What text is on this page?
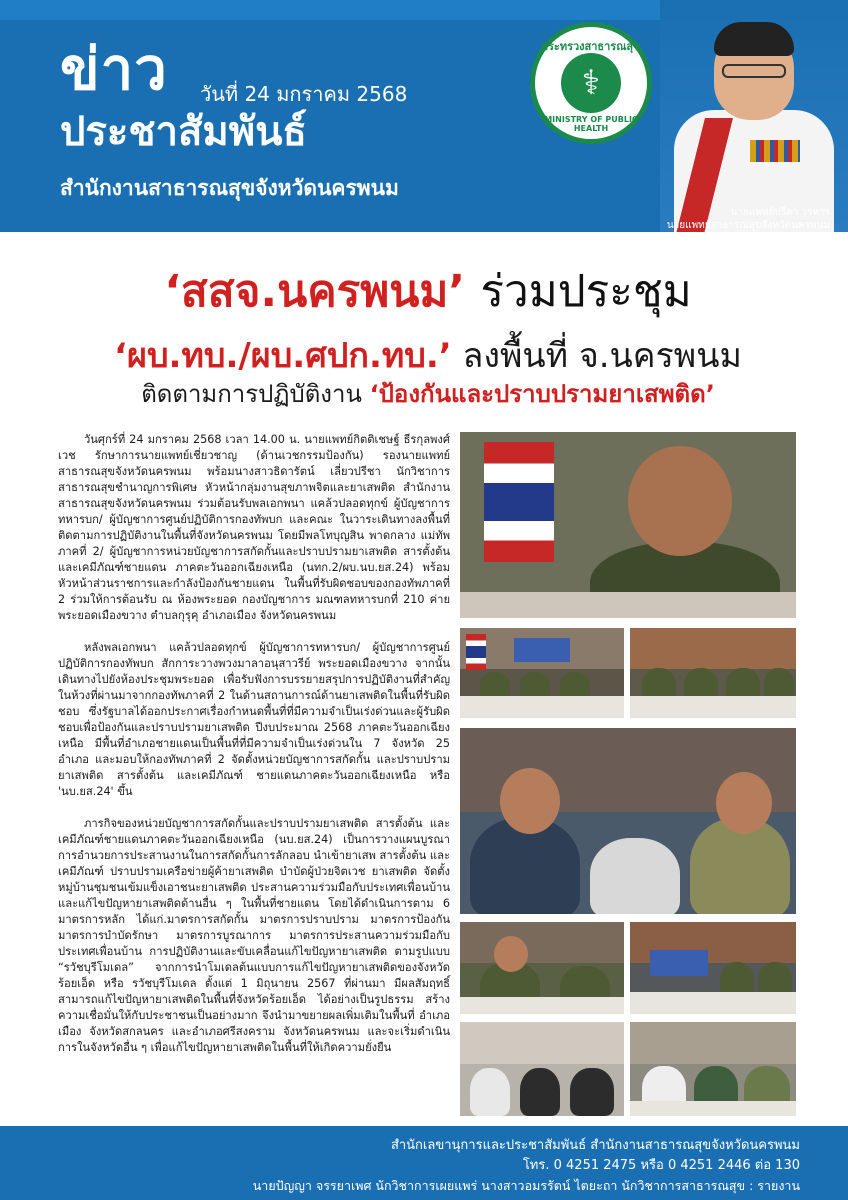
ข่าว วันที่ 24 มกราคม 2568
ประชาสัมพันธ์
สำนักงานสาธารณสุขจังหวัดนครพนม
กระทรวงสาธารณสุข
⚕
MINISTRY OF PUBLIC HEALTH
นายแพทย์ปรีดา วรหาร
นายแพทย์สาธารณสุขจังหวัดนครพนม
‘สสจ.นครพนม’ ร่วมประชุม
‘ผบ.ทบ./ผบ.ศปก.ทบ.’ ลงพื้นที่ จ.นครพนม
ติดตามการปฏิบัติงาน ‘ป้องกันและปราบปรามยาเสพติด’

วันศุกร์ที่ 24 มกราคม 2568 เวลา 14.00 น. นายแพทย์กิตติเชษฐ์ ธีรกุลพงศ์เวช รักษาการนายแพทย์เชี่ยวชาญ (ด้านเวชกรรมป้องกัน) รองนายแพทย์สาธารณสุขจังหวัดนครพนม พร้อมนางสาวธิดารัตน์ เลี่ยวปรีชา นักวิชาการสาธารณสุขชำนาญการพิเศษ หัวหน้ากลุ่มงานสุขภาพจิตและยาเสพติด สำนักงานสาธารณสุขจังหวัดนครพนม ร่วมต้อนรับพลเอกพนา แคล้วปลอดทุกข์ ผู้บัญชาการทหารบก/ ผู้บัญชาการศูนย์ปฏิบัติการกองทัพบก และคณะ ในวาระเดินทางลงพื้นที่ติดตามการปฏิบัติงานในพื้นที่จังหวัดนครพนม โดยมีพลโทบุญสิน พาดกลาง แม่ทัพภาคที่ 2/ ผู้บัญชาการหน่วยบัญชาการสกัดกั้นและปราบปรามยาเสพติด สารตั้งต้น และเคมีภัณฑ์ชายแดน ภาคตะวันออกเฉียงเหนือ (นทก.2/ผบ.นบ.ยส.24) พร้อมหัวหน้าส่วนราชการและกำลังป้องกันชายแดน ในพื้นที่รับผิดชอบของกองทัพภาคที่ 2 ร่วมให้การต้อนรับ ณ ห้องพระยอด กองบัญชาการ มณฑลทหารบกที่ 210 ค่ายพระยอดเมืองขวาง ตำบลกุรุคุ อำเภอเมือง จังหวัดนครพนม

หลังพลเอกพนา แคล้วปลอดทุกข์ ผู้บัญชาการทหารบก/ ผู้บัญชาการศูนย์ปฏิบัติการกองทัพบก สักการะวางพวงมาลาอนุสาวรีย์ พระยอดเมืองขวาง จากนั้นเดินทางไปยังห้องประชุมพระยอด เพื่อรับฟังการบรรยายสรุปการปฏิบัติงานที่สำคัญในห้วงที่ผ่านมาจากกองทัพภาคที่ 2 ในด้านสถานการณ์ด้านยาเสพติดในพื้นที่รับผิดชอบ ซึ่งรัฐบาลได้ออกประกาศเรื่องกำหนดพื้นที่ที่มีความจำเป็นเร่งด่วนและผู้รับผิดชอบเพื่อป้องกันและปราบปรามยาเสพติด ปีงบประมาณ 2568 ภาคตะวันออกเฉียงเหนือ มีพื้นที่อำเภอชายแดนเป็นพื้นที่ที่มีความจำเป็นเร่งด่วนใน 7 จังหวัด 25 อำเภอ และมอบให้กองทัพภาคที่ 2 จัดตั้งหน่วยบัญชาการสกัดกั้น และปราบปรามยาเสพติด สารตั้งต้น และเคมีภัณฑ์ ชายแดนภาคตะวันออกเฉียงเหนือ หรือ 'นบ.ยส.24' ขึ้น

ภารกิจของหน่วยบัญชาการสกัดกั้นและปราบปรามยาเสพติด สารตั้งต้น และเคมีภัณฑ์ชายแดนภาคตะวันออกเฉียงเหนือ (นบ.ยส.24) เป็นการวางแผนบูรณาการอำนวยการประสานงานในการสกัดกั้นการลักลอบ นำเข้ายาเสพ สารตั้งต้น และเคมีภัณฑ์ ปราบปรามเครือข่ายผู้ค้ายาเสพติด บำบัดผู้ป่วยจิตเวช ยาเสพติด จัดตั้งหมู่บ้านชุมชนเข้มแข็งเอาชนะยาเสพติด ประสานความร่วมมือกับประเทศเพื่อนบ้าน และแก้ไขปัญหายาเสพติดด้านอื่น ๆ ในพื้นที่ชายแดน โดยได้ดำเนินการตาม 6 มาตรการหลัก ได้แก่.มาตรการสกัดกั้น มาตรการปราบปราม มาตรการป้องกัน มาตรการบำบัดรักษา มาตรการบูรณาการ มาตรการประสานความร่วมมือกับประเทศเพื่อนบ้าน การปฏิบัติงานและขับเคลื่อนแก้ไขปัญหายาเสพติด ตามรูปแบบ “รวัชบุรีโมเดล” จากการนำโมเดลต้นแบบการแก้ไขปัญหายาเสพติดของจังหวัดร้อยเอ็ด หรือ รวัชบุรีโมเดล ตั้งแต่ 1 มิถุนายน 2567 ที่ผ่านมา มีผลสัมฤทธิ์สามารถแก้ไขปัญหายาเสพติดในพื้นที่จังหวัดร้อยเอ็ด ได้อย่างเป็นรูปธรรม สร้างความเชื่อมั่นให้กับประชาชนเป็นอย่างมาก จึงนำมาขยายผลเพิ่มเติมในพื้นที่ อำเภอเมือง จังหวัดสกลนคร และอำเภอศรีสงคราม จังหวัดนครพนม และจะเริ่มดำเนินการในจังหวัดอื่น ๆ เพื่อแก้ไขปัญหายาเสพติดในพื้นที่ให้เกิดความยั่งยืน

สำนักเลขานุการและประชาสัมพันธ์ สำนักงานสาธารณสุขจังหวัดนครพนม
โทร. 0 4251 2475 หรือ 0 4251 2446 ต่อ 130
นายปัญญา จรรยาเพศ นักวิชาการเผยแพร่ นางสาวอมรรัตน์ ไตยะถา นักวิชาการสาธารณสุข : รายงาน
